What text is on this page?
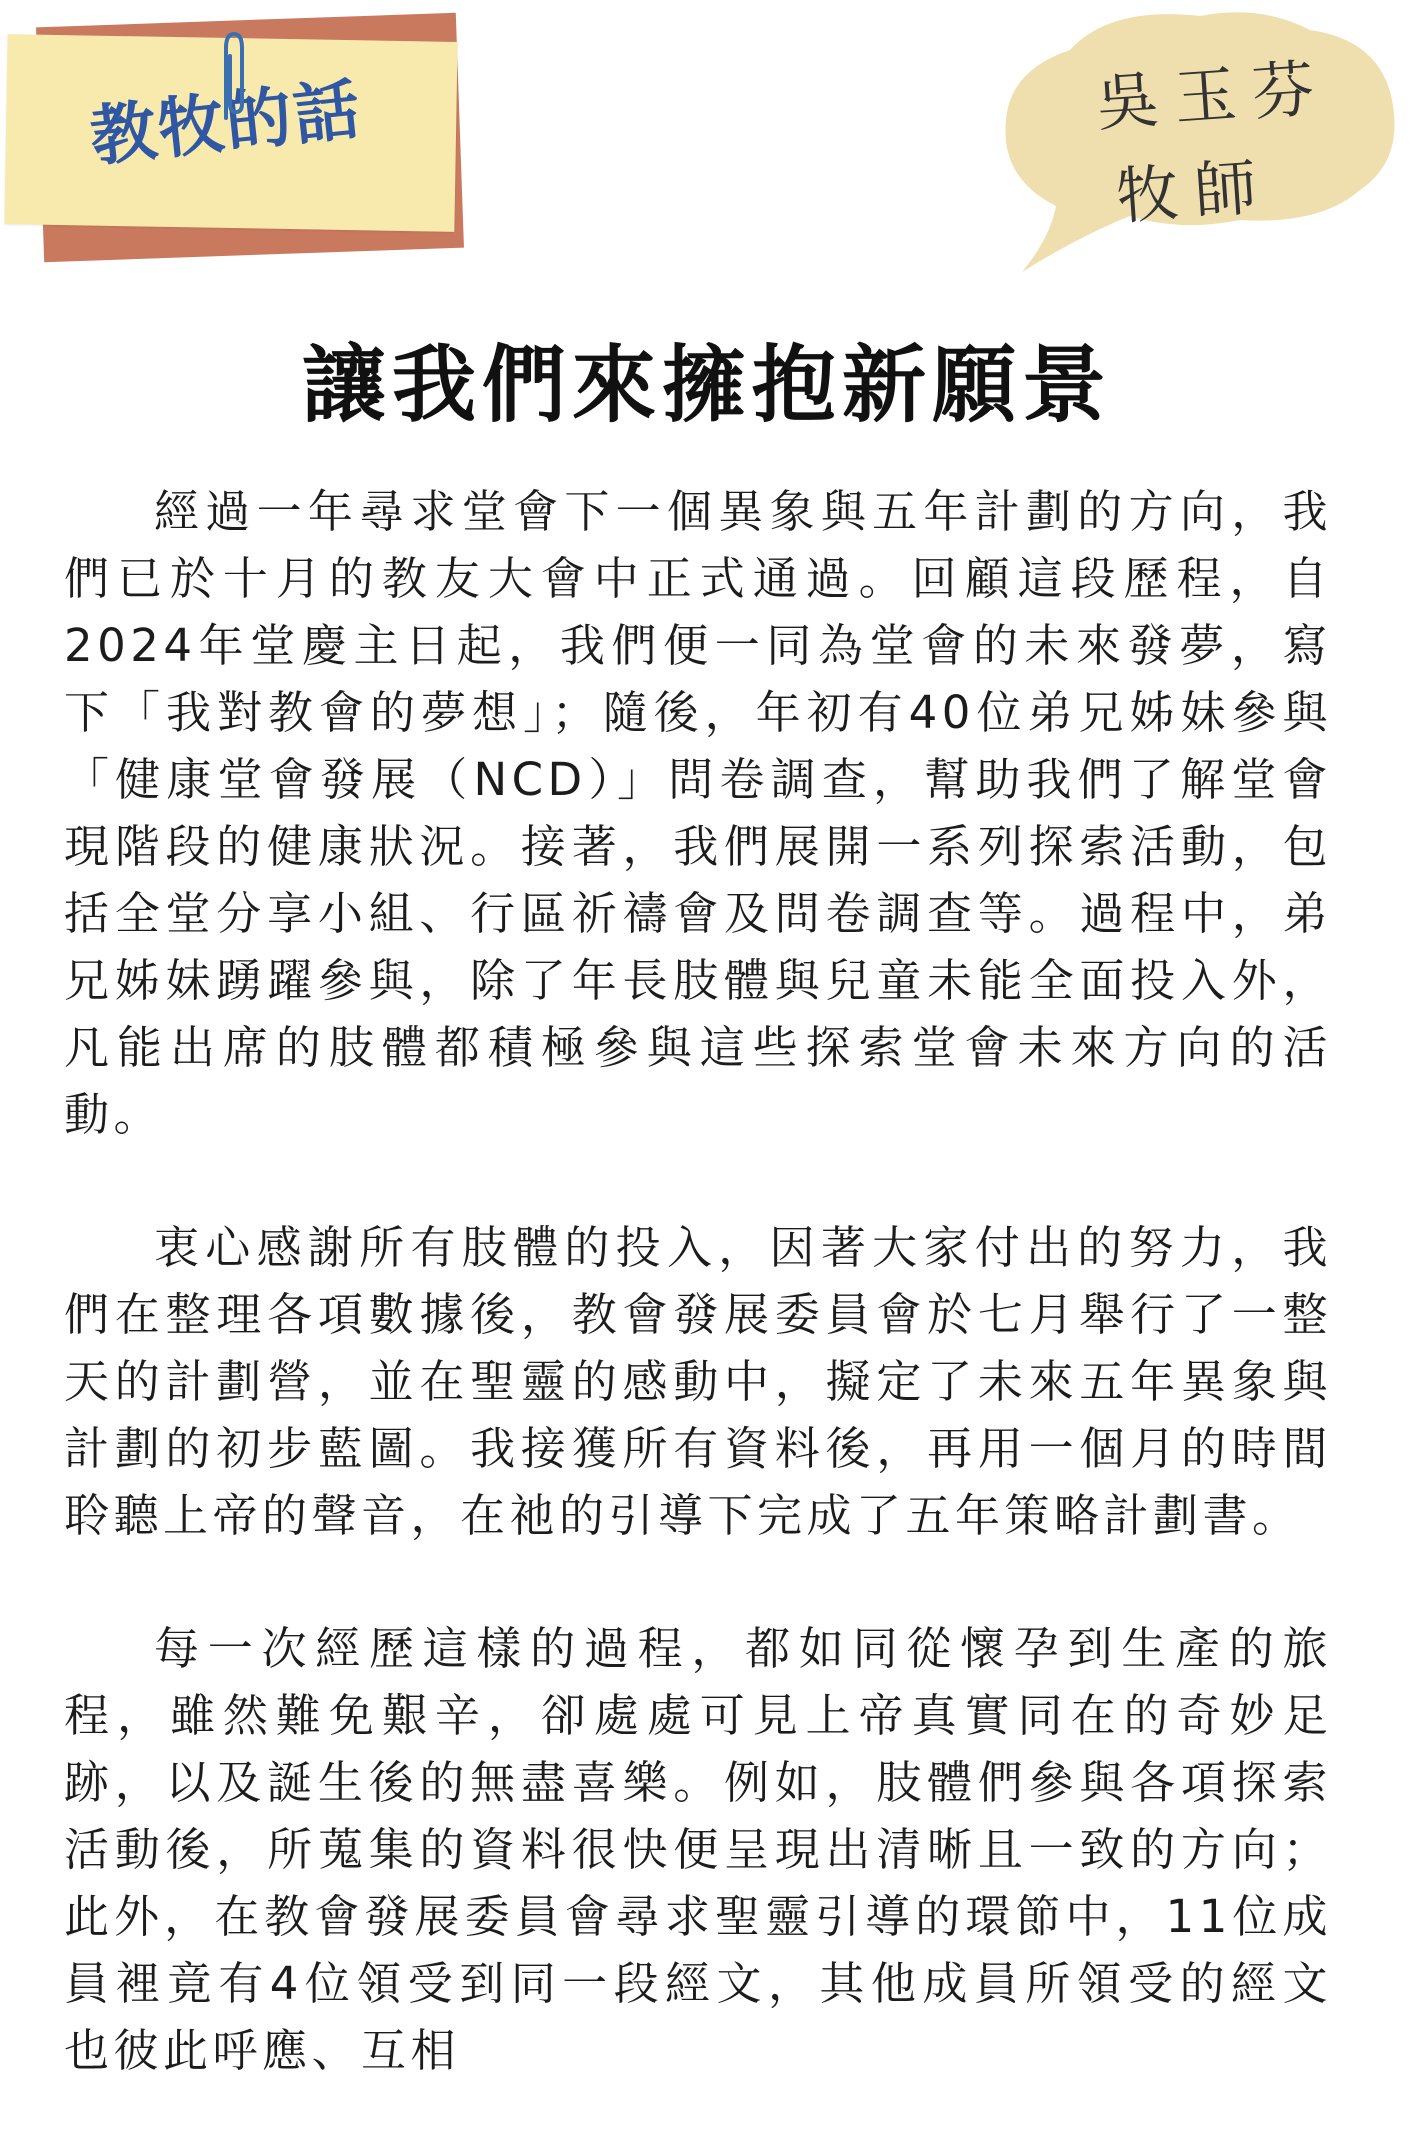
教牧的話	吳玉芬
牧師
讓我們來擁抱新願景

經過一年尋求堂會下一個異象與五年計劃的方向，我們已於十月的教友大會中正式通過。回顧這段歷程，自2024年堂慶主日起，我們便一同為堂會的未來發夢，寫下「我對教會的夢想」；隨後，年初有40位弟兄姊妹參與「健康堂會發展（NCD）」問卷調查，幫助我們了解堂會現階段的健康狀況。接著，我們展開一系列探索活動，包括全堂分享小組、行區祈禱會及問卷調查等。過程中，弟兄姊妹踴躍參與，除了年長肢體與兒童未能全面投入外，凡能出席的肢體都積極參與這些探索堂會未來方向的活動。

衷心感謝所有肢體的投入，因著大家付出的努力，我們在整理各項數據後，教會發展委員會於七月舉行了一整天的計劃營，並在聖靈的感動中，擬定了未來五年異象與計劃的初步藍圖。我接獲所有資料後，再用一個月的時間聆聽上帝的聲音，在祂的引導下完成了五年策略計劃書。

每一次經歷這樣的過程，都如同從懷孕到生產的旅程，雖然難免艱辛，卻處處可見上帝真實同在的奇妙足跡，以及誕生後的無盡喜樂。例如，肢體們參與各項探索活動後，所蒐集的資料很快便呈現出清晰且一致的方向；此外，在教會發展委員會尋求聖靈引導的環節中，11位成員裡竟有4位領受到同一段經文，其他成員所領受的經文也彼此呼應、互相
